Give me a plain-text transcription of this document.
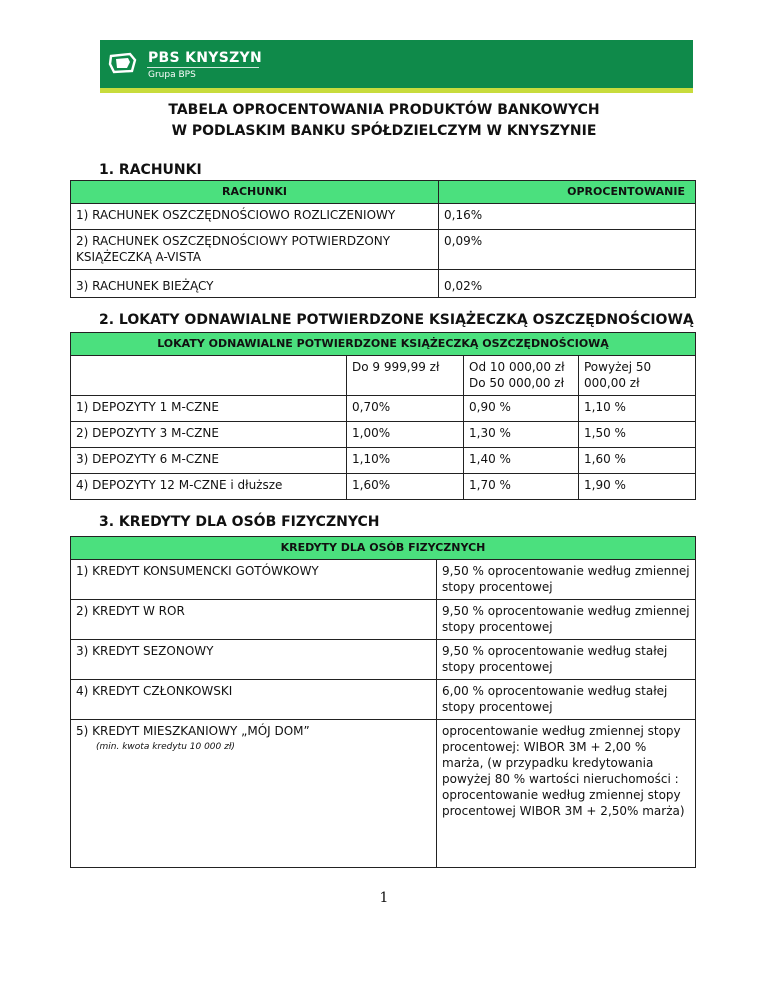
PBS KNYSZYN
Grupa BPS
TABELA OPROCENTOWANIA PRODUKTÓW BANKOWYCH
W PODLASKIM BANKU SPÓŁDZIELCZYM W KNYSZYNIE
1. RACHUNKI
RACHUNKI	OPROCENTOWANIE
1) RACHUNEK OSZCZĘDNOŚCIOWO ROZLICZENIOWY	0,16%
2) RACHUNEK OSZCZĘDNOŚCIOWY POTWIERDZONY KSIĄŻECZKĄ A-VISTA	0,09%
3) RACHUNEK BIEŻĄCY	0,02%
2. LOKATY ODNAWIALNE POTWIERDZONE KSIĄŻECZKĄ OSZCZĘDNOŚCIOWĄ
LOKATY ODNAWIALNE POTWIERDZONE KSIĄŻECZKĄ OSZCZĘDNOŚCIOWĄ			
	Do 9 999,99 zł	Od 10 000,00 zł Do 50 000,00 zł	Powyżej 50 000,00 zł
1) DEPOZYTY 1 M-CZNE	0,70%	0,90 %	1,10 %
2) DEPOZYTY 3 M-CZNE	1,00%	1,30 %	1,50 %
3) DEPOZYTY 6 M-CZNE	1,10%	1,40 %	1,60 %
4) DEPOZYTY 12 M-CZNE i dłuższe	1,60%	1,70 %	1,90 %
3. KREDYTY DLA OSÓB FIZYCZNYCH
KREDYTY DLA OSÓB FIZYCZNYCH	
1) KREDYT KONSUMENCKI GOTÓWKOWY	9,50 % oprocentowanie według zmiennej stopy procentowej
2) KREDYT W ROR	9,50 % oprocentowanie według zmiennej stopy procentowej
3) KREDYT SEZONOWY	9,50 % oprocentowanie według stałej stopy procentowej
4) KREDYT CZŁONKOWSKI	6,00 % oprocentowanie według stałej stopy procentowej
5) KREDYT MIESZKANIOWY „MÓJ DOM”
(min. kwota kredytu 10 000 zł)	oprocentowanie według zmiennej stopy procentowej: WIBOR 3M + 2,00 % marża, (w przypadku kredytowania powyżej 80 % wartości nieruchomości : oprocentowanie według zmiennej stopy procentowej WIBOR 3M + 2,50% marża)
1
